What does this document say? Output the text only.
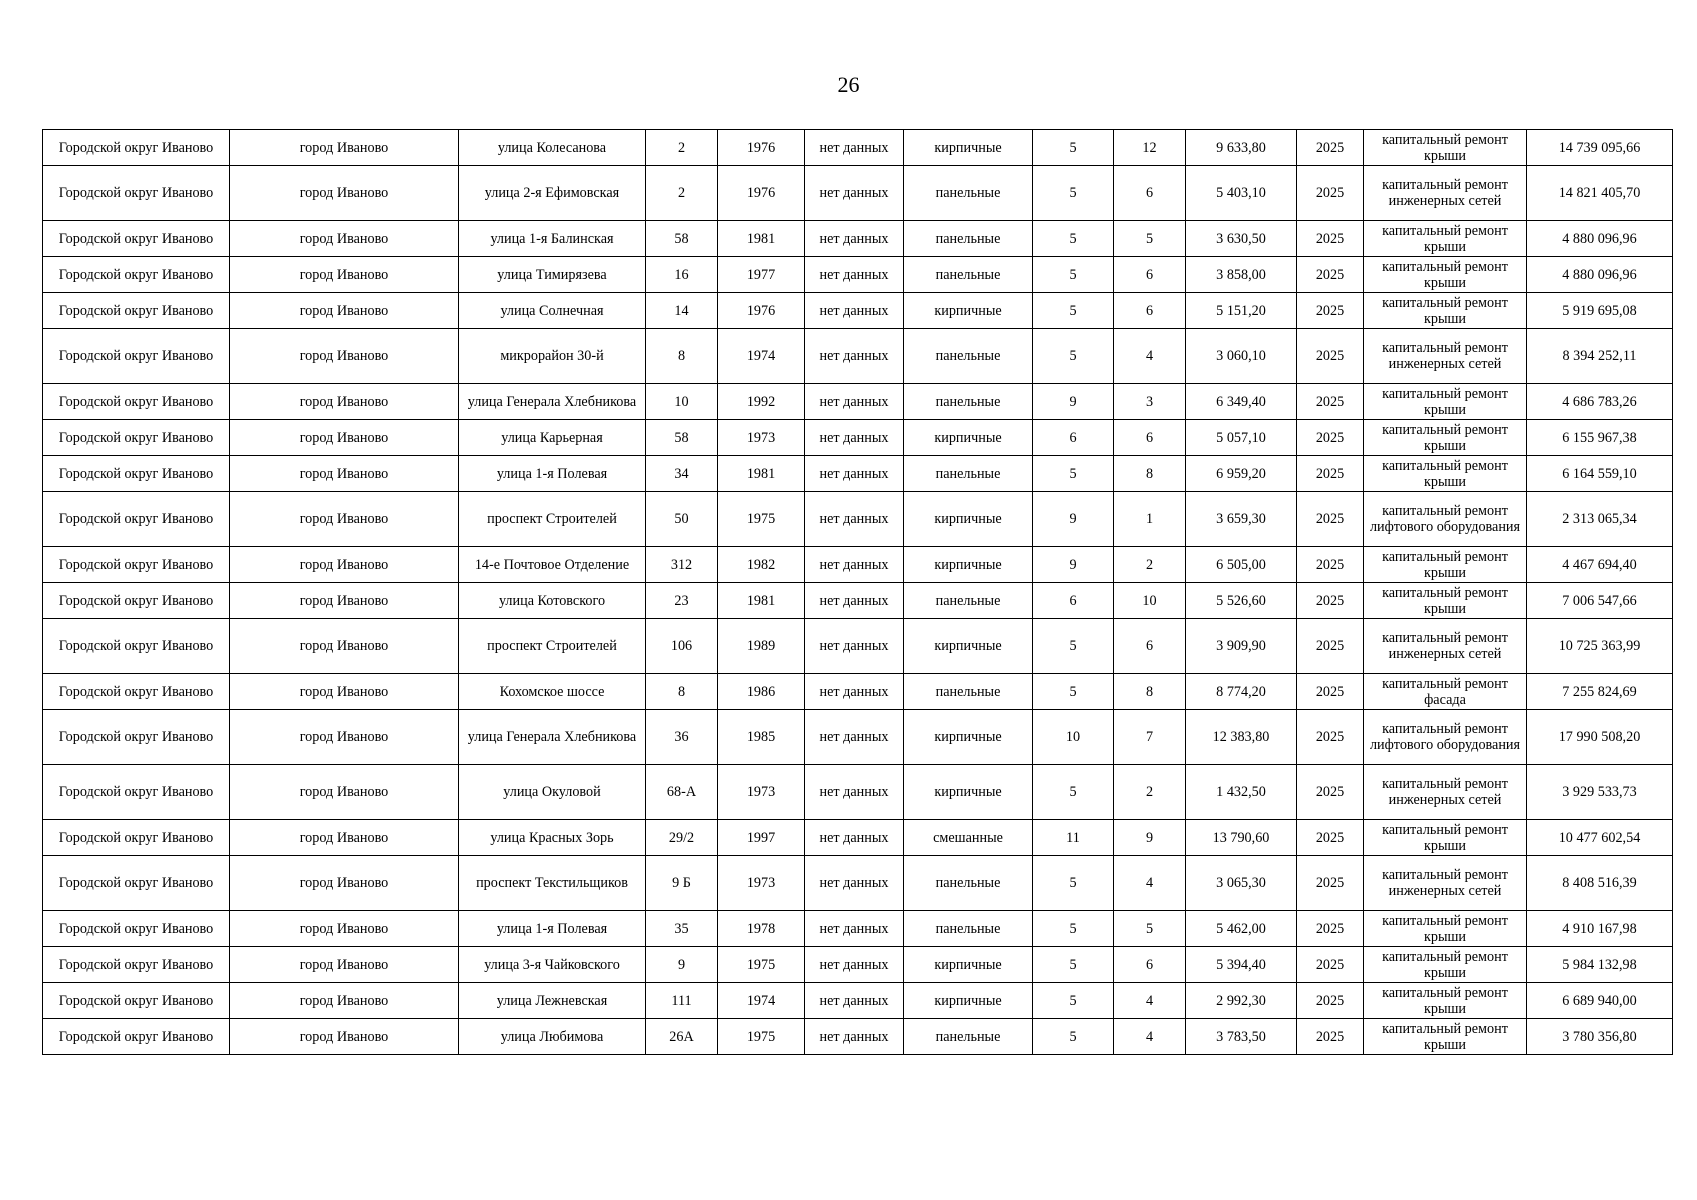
26
Городской округ Иваново	город Иваново	улица Колесанова	2	1976	нет данных	кирпичные	5	12	9 633,80	2025	капитальный ремонт крыши	14 739 095,66
Городской округ Иваново	город Иваново	улица 2-я Ефимовская	2	1976	нет данных	панельные	5	6	5 403,10	2025	капитальный ремонт инженерных сетей	14 821 405,70
Городской округ Иваново	город Иваново	улица 1-я Балинская	58	1981	нет данных	панельные	5	5	3 630,50	2025	капитальный ремонт крыши	4 880 096,96
Городской округ Иваново	город Иваново	улица Тимирязева	16	1977	нет данных	панельные	5	6	3 858,00	2025	капитальный ремонт крыши	4 880 096,96
Городской округ Иваново	город Иваново	улица Солнечная	14	1976	нет данных	кирпичные	5	6	5 151,20	2025	капитальный ремонт крыши	5 919 695,08
Городской округ Иваново	город Иваново	микрорайон 30-й	8	1974	нет данных	панельные	5	4	3 060,10	2025	капитальный ремонт инженерных сетей	8 394 252,11
Городской округ Иваново	город Иваново	улица Генерала Хлебникова	10	1992	нет данных	панельные	9	3	6 349,40	2025	капитальный ремонт крыши	4 686 783,26
Городской округ Иваново	город Иваново	улица Карьерная	58	1973	нет данных	кирпичные	6	6	5 057,10	2025	капитальный ремонт крыши	6 155 967,38
Городской округ Иваново	город Иваново	улица 1-я Полевая	34	1981	нет данных	панельные	5	8	6 959,20	2025	капитальный ремонт крыши	6 164 559,10
Городской округ Иваново	город Иваново	проспект Строителей	50	1975	нет данных	кирпичные	9	1	3 659,30	2025	капитальный ремонт лифтового оборудования	2 313 065,34
Городской округ Иваново	город Иваново	14-е Почтовое Отделение	312	1982	нет данных	кирпичные	9	2	6 505,00	2025	капитальный ремонт крыши	4 467 694,40
Городской округ Иваново	город Иваново	улица Котовского	23	1981	нет данных	панельные	6	10	5 526,60	2025	капитальный ремонт крыши	7 006 547,66
Городской округ Иваново	город Иваново	проспект Строителей	106	1989	нет данных	кирпичные	5	6	3 909,90	2025	капитальный ремонт инженерных сетей	10 725 363,99
Городской округ Иваново	город Иваново	Кохомское шоссе	8	1986	нет данных	панельные	5	8	8 774,20	2025	капитальный ремонт фасада	7 255 824,69
Городской округ Иваново	город Иваново	улица Генерала Хлебникова	36	1985	нет данных	кирпичные	10	7	12 383,80	2025	капитальный ремонт лифтового оборудования	17 990 508,20
Городской округ Иваново	город Иваново	улица Окуловой	68-А	1973	нет данных	кирпичные	5	2	1 432,50	2025	капитальный ремонт инженерных сетей	3 929 533,73
Городской округ Иваново	город Иваново	улица Красных Зорь	29/2	1997	нет данных	смешанные	11	9	13 790,60	2025	капитальный ремонт крыши	10 477 602,54
Городской округ Иваново	город Иваново	проспект Текстильщиков	9 Б	1973	нет данных	панельные	5	4	3 065,30	2025	капитальный ремонт инженерных сетей	8 408 516,39
Городской округ Иваново	город Иваново	улица 1-я Полевая	35	1978	нет данных	панельные	5	5	5 462,00	2025	капитальный ремонт крыши	4 910 167,98
Городской округ Иваново	город Иваново	улица 3-я Чайковского	9	1975	нет данных	кирпичные	5	6	5 394,40	2025	капитальный ремонт крыши	5 984 132,98
Городской округ Иваново	город Иваново	улица Лежневская	111	1974	нет данных	кирпичные	5	4	2 992,30	2025	капитальный ремонт крыши	6 689 940,00
Городской округ Иваново	город Иваново	улица Любимова	26А	1975	нет данных	панельные	5	4	3 783,50	2025	капитальный ремонт крыши	3 780 356,80
